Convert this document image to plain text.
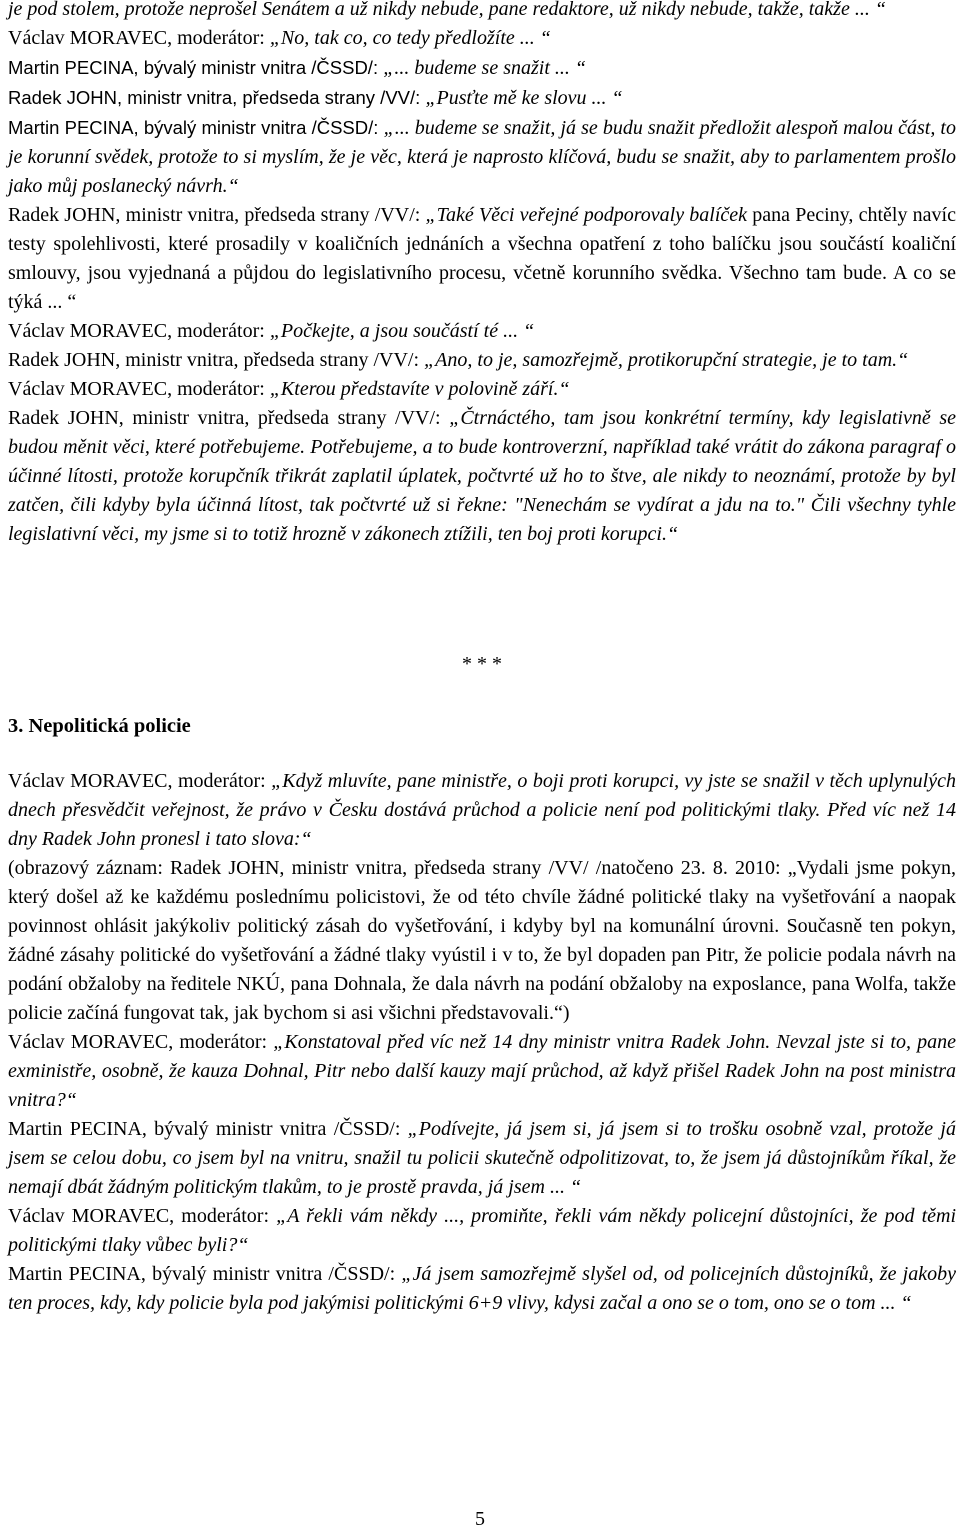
je pod stolem, protože neprošel Senátem a už nikdy nebude, pane redaktore, už nikdy nebude, takže, takže ... “

Václav MORAVEC, moderátor: „No, tak co, co tedy předložíte ... “

Martin PECINA, bývalý ministr vnitra /ČSSD/: „... budeme se snažit ... “

Radek JOHN, ministr vnitra, předseda strany /VV/: „Pusťte mě ke slovu ... “

Martin PECINA, bývalý ministr vnitra /ČSSD/: „... budeme se snažit, já se budu snažit předložit alespoň malou část, to je korunní svědek, protože to si myslím, že je věc, která je naprosto klíčová, budu se snažit, aby to parlamentem prošlo jako můj poslanecký návrh.“

Radek JOHN, ministr vnitra, předseda strany /VV/: „Také Věci veřejné podporovaly balíček pana Peciny, chtěly navíc testy spolehlivosti, které prosadily v koaličních jednáních a všechna opatření z toho balíčku jsou součástí koaliční smlouvy, jsou vyjednaná a půjdou do legislativního procesu, včetně korunního svědka. Všechno tam bude. A co se týká ... “

Václav MORAVEC, moderátor: „Počkejte, a jsou součástí té ... “

Radek JOHN, ministr vnitra, předseda strany /VV/: „Ano, to je, samozřejmě, protikorupční strategie, je to tam.“

Václav MORAVEC, moderátor: „Kterou představíte v polovině září.“

Radek JOHN, ministr vnitra, předseda strany /VV/: „Čtrnáctého, tam jsou konkrétní termíny, kdy legislativně se budou měnit věci, které potřebujeme. Potřebujeme, a to bude kontroverzní, například také vrátit do zákona paragraf o účinné lítosti, protože korupčník třikrát zaplatil úplatek, počtvrté už ho to štve, ale nikdy to neoznámí, protože by byl zatčen, čili kdyby byla účinná lítost, tak počtvrté už si řekne: "Nenechám se vydírat a jdu na to." Čili všechny tyhle legislativní věci, my jsme si to totiž hrozně v zákonech ztížili, ten boj proti korupci.“

* * *
3. Nepolitická policie

Václav MORAVEC, moderátor: „Když mluvíte, pane ministře, o boji proti korupci, vy jste se snažil v těch uplynulých dnech přesvědčit veřejnost, že právo v Česku dostává průchod a policie není pod politickými tlaky. Před víc než 14 dny Radek John pronesl i tato slova:“

(obrazový záznam: Radek JOHN, ministr vnitra, předseda strany /VV/ /natočeno 23. 8. 2010: „Vydali jsme pokyn, který došel až ke každému poslednímu policistovi, že od této chvíle žádné politické tlaky na vyšetřování a naopak povinnost ohlásit jakýkoliv politický zásah do vyšetřování, i kdyby byl na komunální úrovni. Současně ten pokyn, žádné zásahy politické do vyšetřování a žádné tlaky vyústil i v to, že byl dopaden pan Pitr, že policie podala návrh na podání obžaloby na ředitele NKÚ, pana Dohnala, že dala návrh na podání obžaloby na exposlance, pana Wolfa, takže policie začíná fungovat tak, jak bychom si asi všichni představovali.“)

Václav MORAVEC, moderátor: „Konstatoval před víc než 14 dny ministr vnitra Radek John. Nevzal jste si to, pane exministře, osobně, že kauza Dohnal, Pitr nebo další kauzy mají průchod, až když přišel Radek John na post ministra vnitra?“

Martin PECINA, bývalý ministr vnitra /ČSSD/: „Podívejte, já jsem si, já jsem si to trošku osobně vzal, protože já jsem se celou dobu, co jsem byl na vnitru, snažil tu policii skutečně odpolitizovat, to, že jsem já důstojníkům říkal, že nemají dbát žádným politickým tlakům, to je prostě pravda, já jsem ... “

Václav MORAVEC, moderátor: „A řekli vám někdy ..., promiňte, řekli vám někdy policejní důstojníci, že pod těmi politickými tlaky vůbec byli?“

Martin PECINA, bývalý ministr vnitra /ČSSD/: „Já jsem samozřejmě slyšel od, od policejních důstojníků, že jakoby ten proces, kdy, kdy policie byla pod jakýmisi politickými 6+9 vlivy, kdysi začal a ono se o tom, ono se o tom ... “

5
